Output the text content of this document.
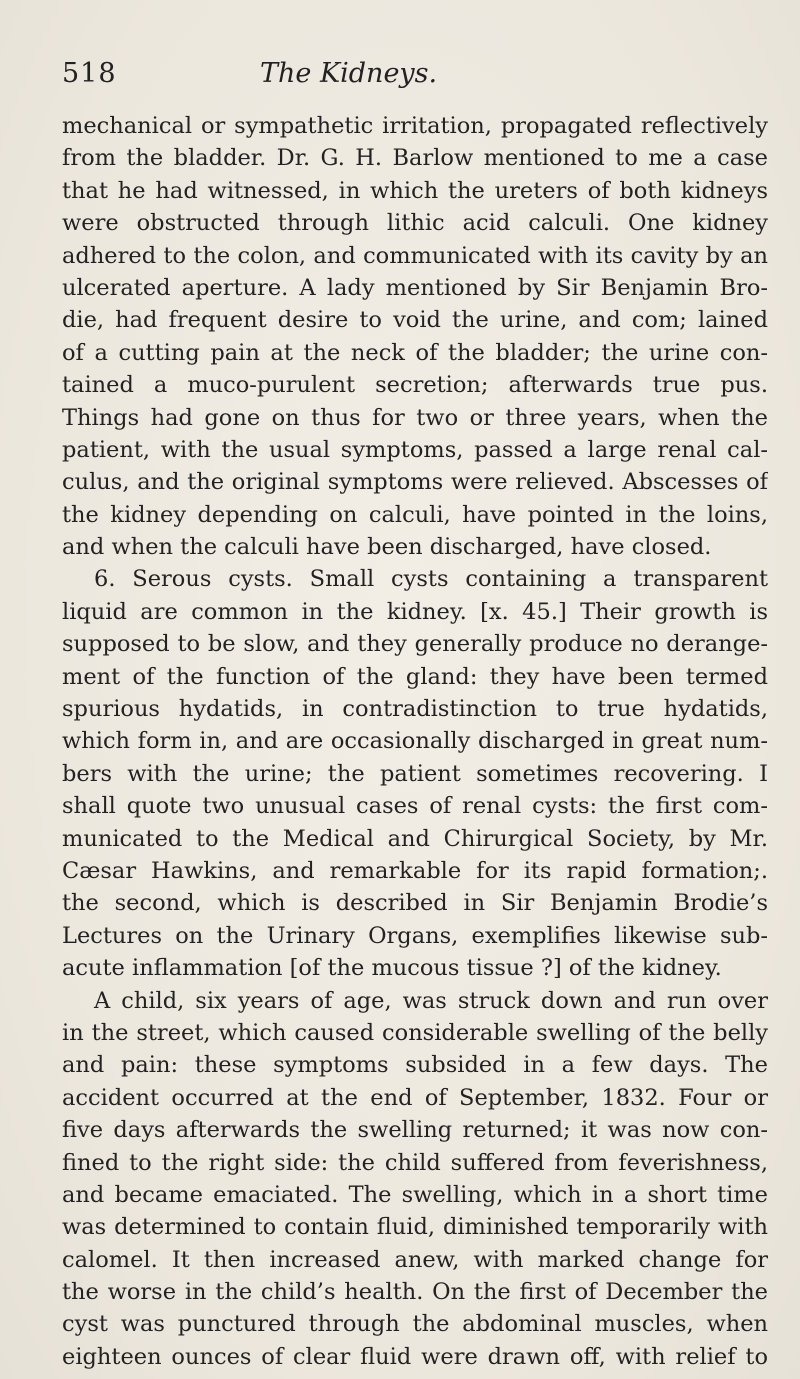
518	The Kidneys.
mechanical or sympathetic irritation, propagated reflectively
from the bladder. Dr. G. H. Barlow mentioned to me a case
that he had witnessed, in which the ureters of both kidneys
were obstructed through lithic acid calculi. One kidney
adhered to the colon, and communicated with its cavity by an
ulcerated aperture. A lady mentioned by Sir Benjamin Bro-
die, had frequent desire to void the urine, and com; lained
of a cutting pain at the neck of the bladder; the urine con-
tained a muco-purulent secretion; afterwards true pus.
Things had gone on thus for two or three years, when the
patient, with the usual symptoms, passed a large renal cal-
culus, and the original symptoms were relieved. Abscesses of
the kidney depending on calculi, have pointed in the loins,
and when the calculi have been discharged, have closed.
6. Serous cysts. Small cysts containing a transparent
liquid are common in the kidney. [x. 45.] Their growth is
supposed to be slow, and they generally produce no derange-
ment of the function of the gland: they have been termed
spurious hydatids, in contradistinction to true hydatids,
which form in, and are occasionally discharged in great num-
bers with the urine; the patient sometimes recovering. I
shall quote two unusual cases of renal cysts: the first com-
municated to the Medical and Chirurgical Society, by Mr.
Cæsar Hawkins, and remarkable for its rapid formation;.
the second, which is described in Sir Benjamin Brodie’s
Lectures on the Urinary Organs, exemplifies likewise sub-
acute inflammation [of the mucous tissue ?] of the kidney.
A child, six years of age, was struck down and run over
in the street, which caused considerable swelling of the belly
and pain: these symptoms subsided in a few days. The
accident occurred at the end of September, 1832. Four or
five days afterwards the swelling returned; it was now con-
fined to the right side: the child suffered from feverishness,
and became emaciated. The swelling, which in a short time
was determined to contain fluid, diminished temporarily with
calomel. It then increased anew, with marked change for
the worse in the child’s health. On the first of December the
cyst was punctured through the abdominal muscles, when
eighteen ounces of clear fluid were drawn off, with relief to
